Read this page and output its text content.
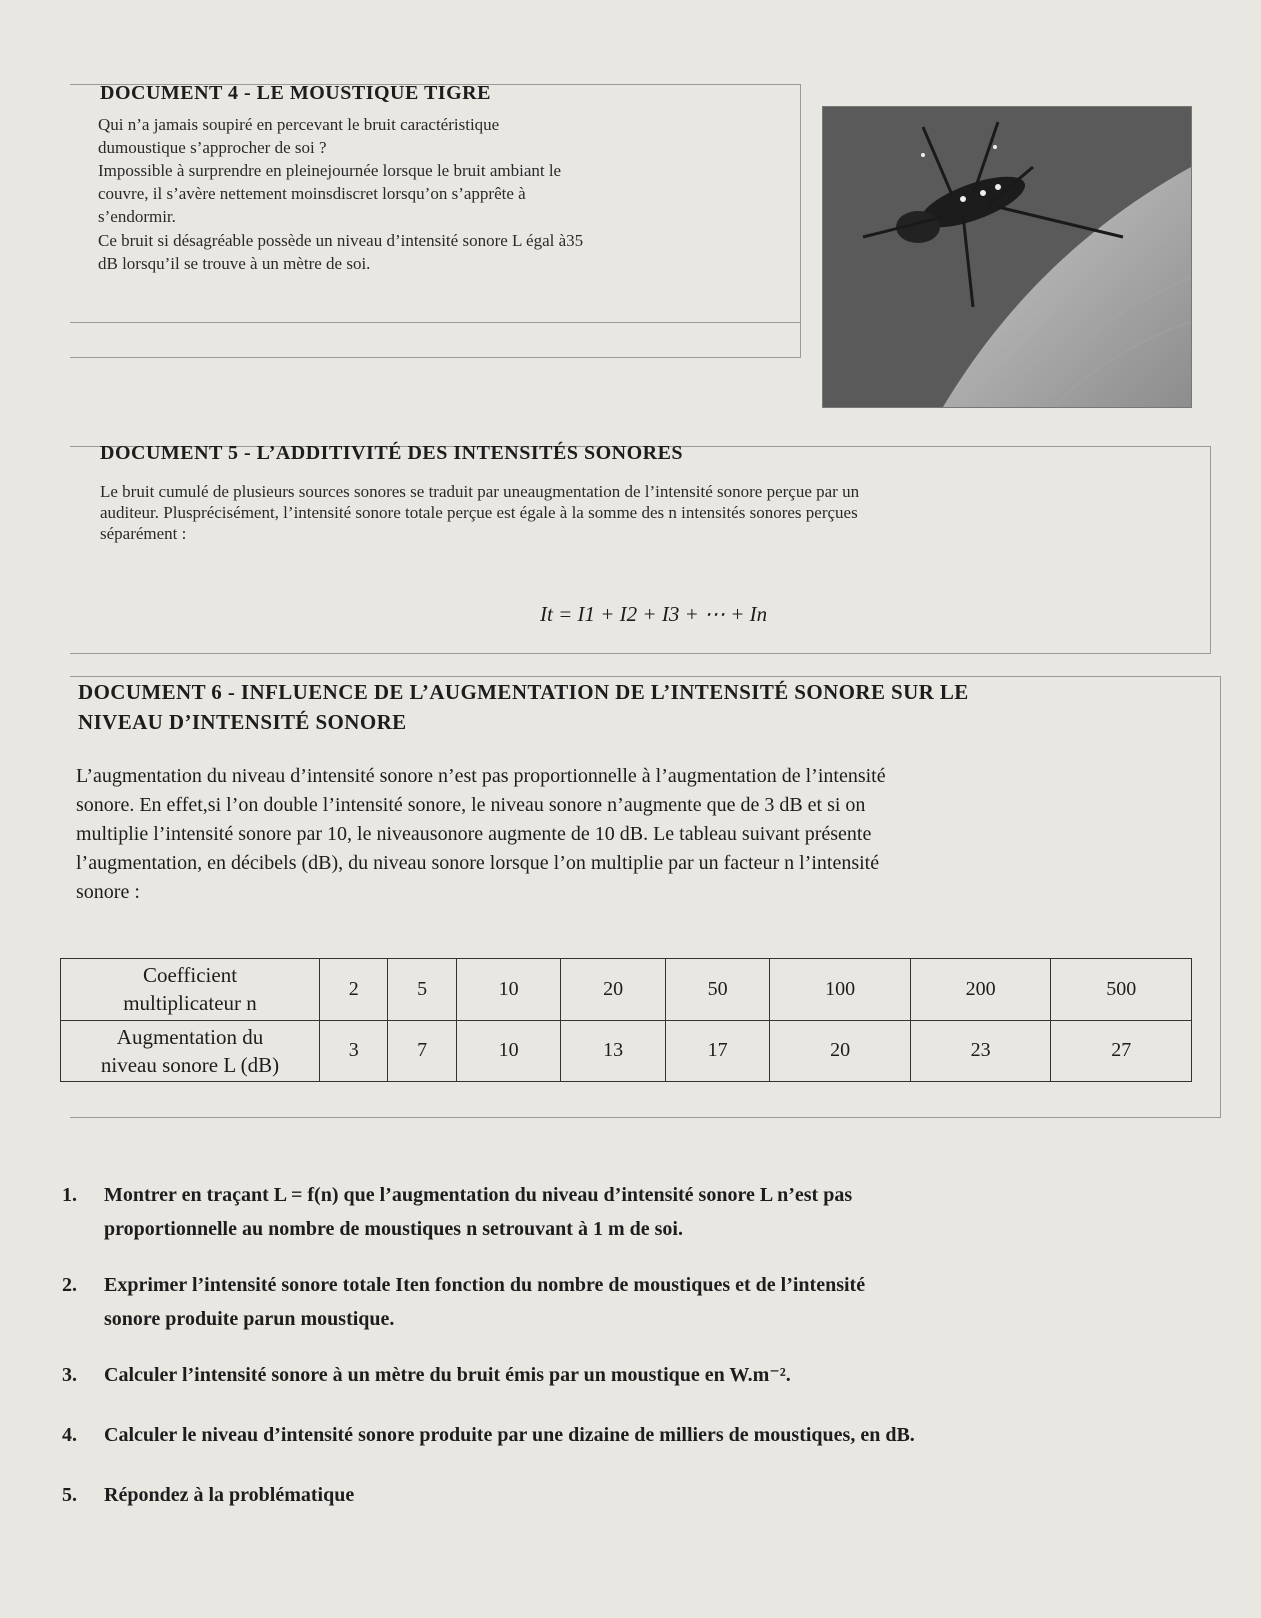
DOCUMENT 4 - LE MOUSTIQUE TIGRE

Qui n’a jamais soupiré en percevant le bruit caractéristique

dumoustique s’approcher de soi ?

Impossible à surprendre en pleinejournée lorsque le bruit ambiant le

couvre, il s’avère nettement moinsdiscret lorsqu’on s’apprête à

s’endormir.

Ce bruit si désagréable possède un niveau d’intensité sonore L égal à35

dB lorsqu’il se trouve à un mètre de soi.

DOCUMENT 5 - L’ADDITIVITÉ DES INTENSITÉS SONORES
Le bruit cumulé de plusieurs sources sonores se traduit par uneaugmentation de l’intensité sonore perçue par un
auditeur. Plusprécisément, l’intensité sonore totale perçue est égale à la somme des n intensités sonores perçues
séparément :
It = I1 + I2 + I3 + ⋯ + In
DOCUMENT 6 - INFLUENCE DE L’AUGMENTATION DE L’INTENSITÉ SONORE SUR LE
NIVEAU D’INTENSITÉ SONORE
L’augmentation du niveau d’intensité sonore n’est pas proportionnelle à l’augmentation de l’intensité
sonore. En effet,si l’on double l’intensité sonore, le niveau sonore n’augmente que de 3 dB et si on
multiplie l’intensité sonore par 10, le niveausonore augmente de 10 dB. Le tableau suivant présente
l’augmentation, en décibels (dB), du niveau sonore lorsque l’on multiplie par un facteur n l’intensité
sonore :
Coefficient
multiplicateur n	2	5	10	20	50	100	200	500
Augmentation du
niveau sonore L (dB)	3	7	10	13	17	20	23	27
1. Montrer en traçant L = f(n) que l’augmentation du niveau d’intensité sonore L n’est pas
proportionnelle au nombre de moustiques n setrouvant à 1 m de soi.
2. Exprimer l’intensité sonore totale Iten fonction du nombre de moustiques et de l’intensité
sonore produite parun moustique.
3. Calculer l’intensité sonore à un mètre du bruit émis par un moustique en W.m⁻².
4. Calculer le niveau d’intensité sonore produite par une dizaine de milliers de moustiques, en dB.
5. Répondez à la problématique
